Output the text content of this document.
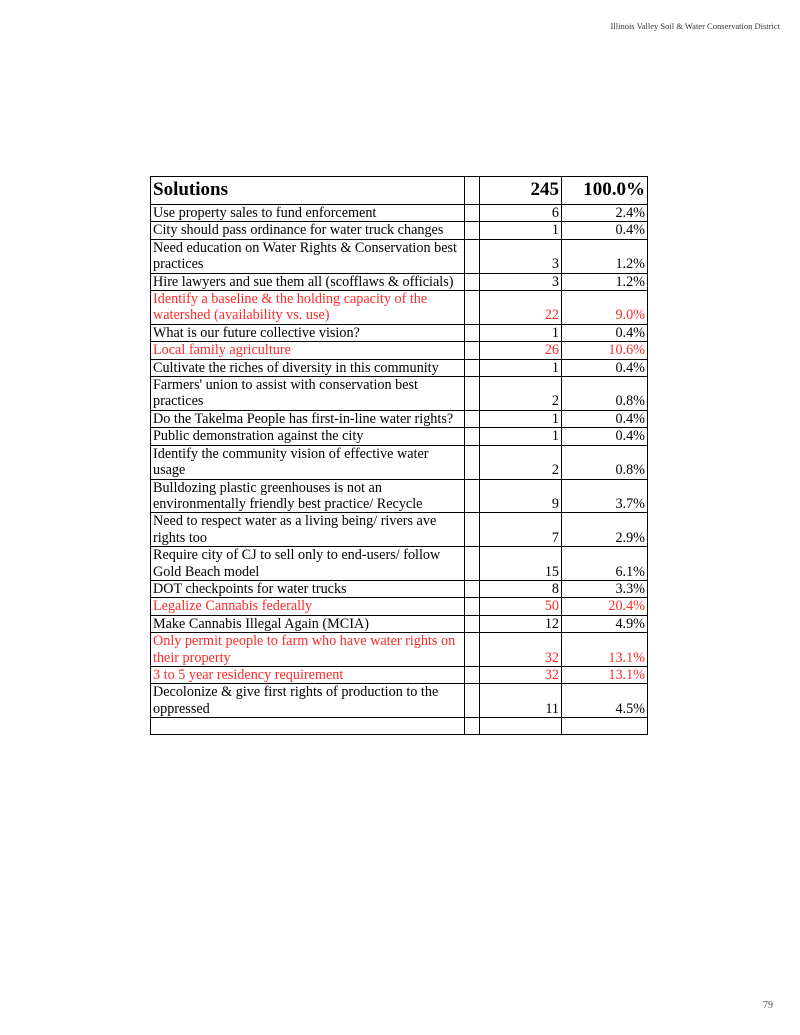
Illinois Valley Soil & Water Conservation District
Solutions		245	100.0%
Use property sales to fund enforcement		6	2.4%
City should pass ordinance for water truck changes		1	0.4%
Need education on Water Rights & Conservation best practices		3	1.2%
Hire lawyers and sue them all (scofflaws & officials)		3	1.2%
Identify a baseline & the holding capacity of the watershed (availability vs. use)		22	9.0%
What is our future collective vision?		1	0.4%
Local family agriculture		26	10.6%
Cultivate the riches of diversity in this community		1	0.4%
Farmers' union to assist with conservation best practices		2	0.8%
Do the Takelma People has first-in-line water rights?		1	0.4%
Public demonstration against the city		1	0.4%
Identify the community vision of effective water usage		2	0.8%
Bulldozing plastic greenhouses is not an environmentally friendly best practice/ Recycle		9	3.7%
Need to respect water as a living being/ rivers ave rights too		7	2.9%
Require city of CJ to sell only to end-users/ follow Gold Beach model		15	6.1%
DOT checkpoints for water trucks		8	3.3%
Legalize Cannabis federally		50	20.4%
Make Cannabis Illegal Again (MCIA)		12	4.9%
Only permit people to farm who have water rights on their property		32	13.1%
3 to 5 year residency requirement		32	13.1%
Decolonize & give first rights of production to the oppressed		11	4.5%

79
